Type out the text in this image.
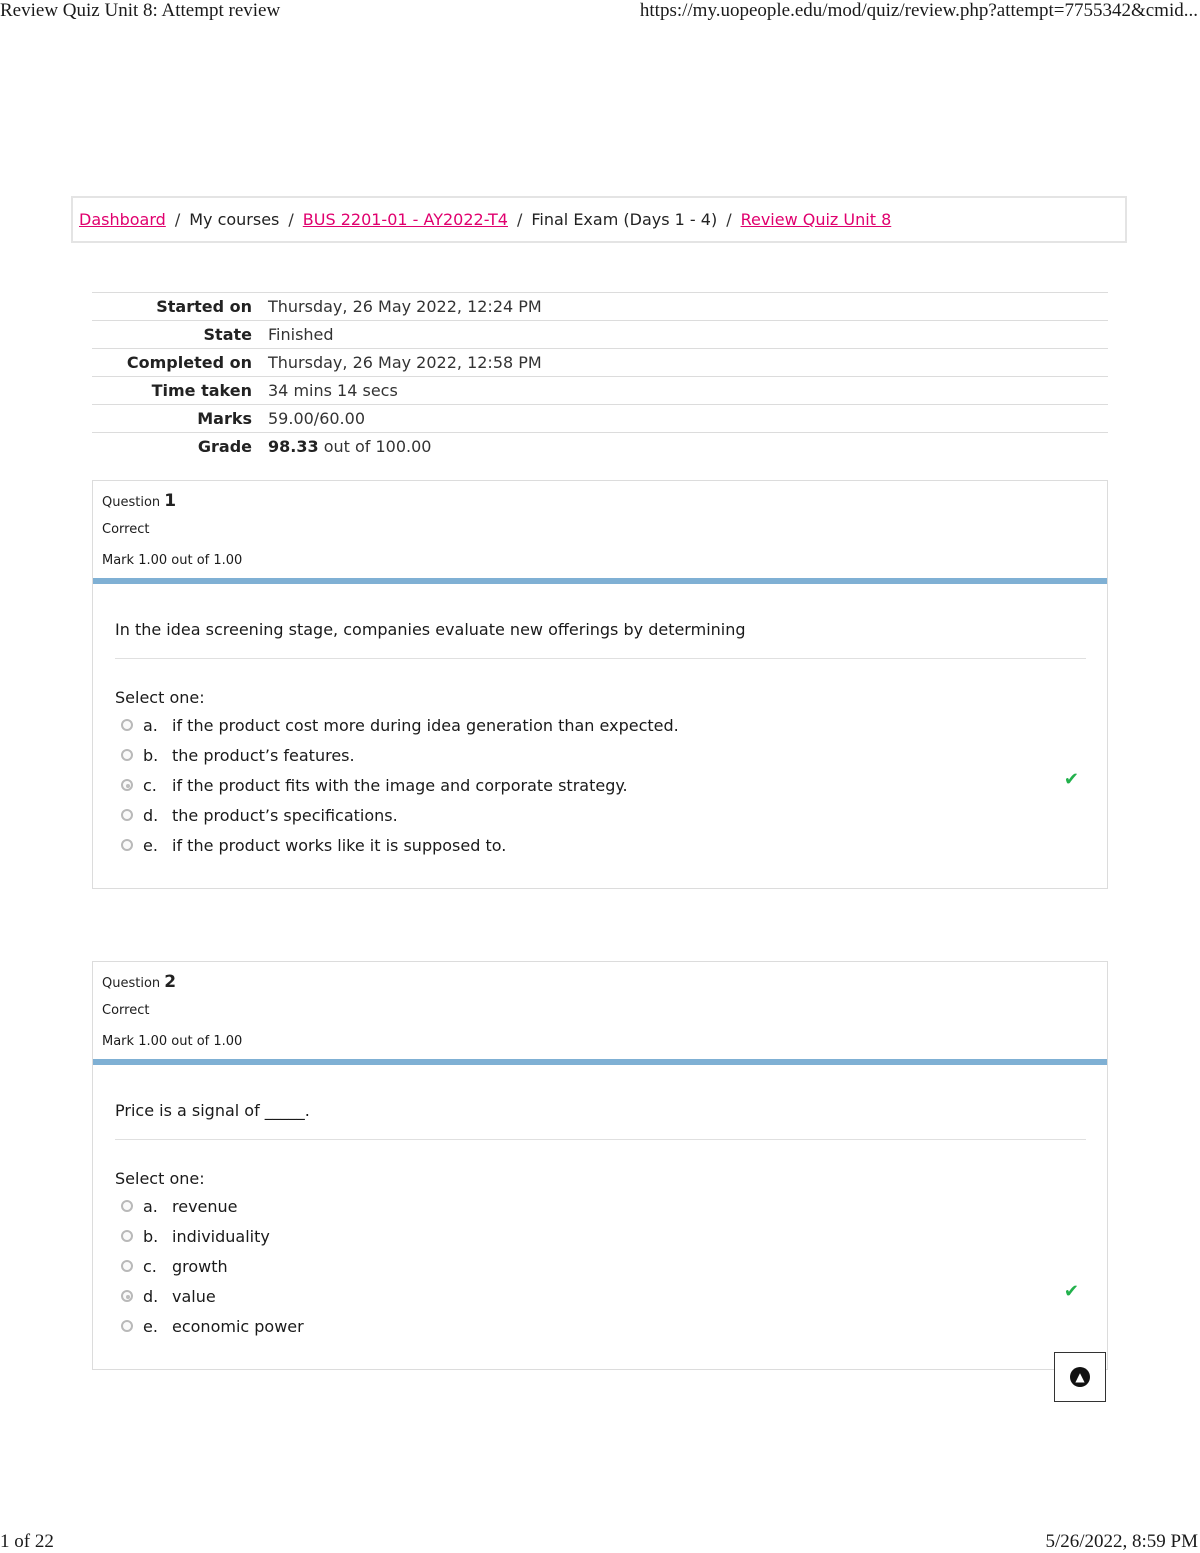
Review Quiz Unit 8: Attempt review	https://my.uopeople.edu/mod/quiz/review.php?attempt=7755342&cmid...
Dashboard / My courses / BUS 2201-01 - AY2022-T4 / Final Exam (Days 1 - 4) / Review Quiz Unit 8
Started on	Thursday, 26 May 2022, 12:24 PM
State	Finished
Completed on	Thursday, 26 May 2022, 12:58 PM
Time taken	34 mins 14 secs
Marks	59.00/60.00
Grade	98.33 out of 100.00
Question 1
Correct
Mark 1.00 out of 1.00
In the idea screening stage, companies evaluate new offerings by determining
Select one:
a. if the product cost more during idea generation than expected.
b. the product’s features.
c. if the product fits with the image and corporate strategy.
d. the product’s specifications.
e. if the product works like it is supposed to.
✔
Question 2
Correct
Mark 1.00 out of 1.00
Price is a signal of _____.
Select one:
a. revenue
b. individuality
c. growth
d. value
e. economic power
✔
▲
1 of 22	5/26/2022, 8:59 PM
